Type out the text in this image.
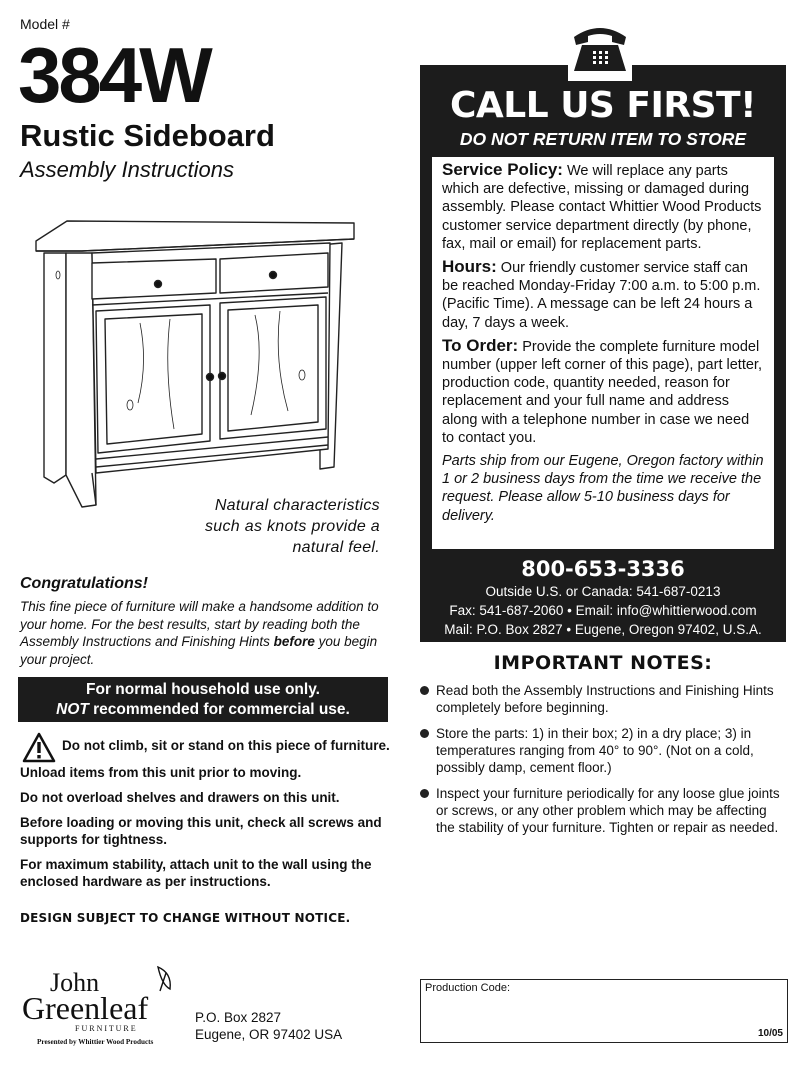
Model #
384W
Rustic Sideboard
Assembly Instructions
Natural characteristics such as knots provide a natural feel.
Congratulations!
This fine piece of furniture will make a handsome addition to your home. For the best results, start by reading both the Assembly Instructions and Finishing Hints before you begin your project.
For normal household use only.
NOT recommended for commercial use.
Do not climb, sit or stand on this piece of furniture.
Unload items from this unit prior to moving.
Do not overload shelves and drawers on this unit.
Before loading or moving this unit, check all screws and supports for tightness.
For maximum stability, attach unit to the wall using the enclosed hardware as per instructions.
DESIGN SUBJECT TO CHANGE WITHOUT NOTICE.
John
Greenleaf
F U R N I T U R E
Presented by Whittier Wood Products
P.O. Box 2827
Eugene, OR 97402 USA
CALL US FIRST!
DO NOT RETURN ITEM TO STORE

Service Policy: We will replace any parts which are defective, missing or damaged during assembly. Please contact Whittier Wood Products customer service department directly (by phone, fax, mail or email) for replacement parts.

Hours: Our friendly customer service staff can be reached Monday-Friday 7:00 a.m. to 5:00 p.m. (Pacific Time). A message can be left 24 hours a day, 7 days a week.

To Order: Provide the complete furniture model number (upper left corner of this page), part letter, production code, quantity needed, reason for replacement and your full name and address along with a telephone number in case we need to contact you.

Parts ship from our Eugene, Oregon factory within 1 or 2 business days from the time we receive the request. Please allow 5-10 business days for delivery.

800-653-3336
Outside U.S. or Canada: 541-687-0213
Fax: 541-687-2060 • Email: info@whittierwood.com
Mail: P.O. Box 2827 • Eugene, Oregon 97402, U.S.A.
IMPORTANT NOTES:
Read both the Assembly Instructions and Finishing Hints completely before beginning.
Store the parts: 1) in their box; 2) in a dry place; 3) in temperatures ranging from 40° to 90°. (Not on a cold, possibly damp, cement floor.)
Inspect your furniture periodically for any loose glue joints or screws, or any other problem which may be affecting the stability of your furniture. Tighten or repair as needed.
Production Code:
10/05
